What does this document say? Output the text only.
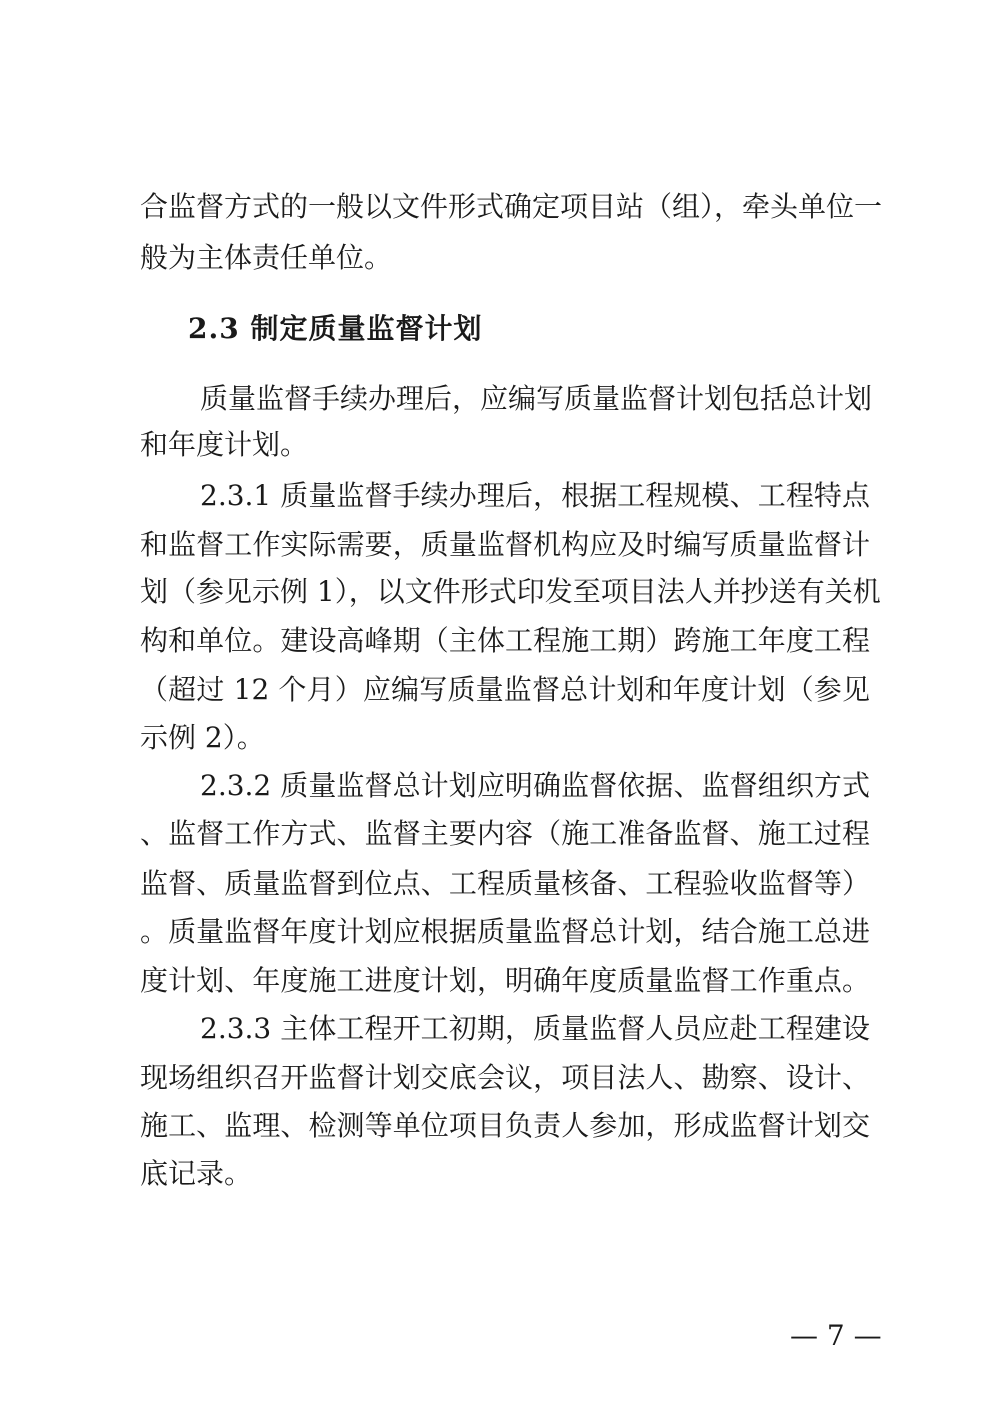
合监督方式的一般以文件形式确定项目站（组），牵头单位一
般为主体责任单位。
2.3 制定质量监督计划
质量监督手续办理后，应编写质量监督计划包括总计划
和年度计划。
2.3.1 质量监督手续办理后，根据工程规模、工程特点
和监督工作实际需要，质量监督机构应及时编写质量监督计
划（参见示例 1），以文件形式印发至项目法人并抄送有关机
构和单位。建设高峰期（主体工程施工期）跨施工年度工程
（超过 12 个月）应编写质量监督总计划和年度计划（参见
示例 2）。
2.3.2 质量监督总计划应明确监督依据、监督组织方式
、监督工作方式、监督主要内容（施工准备监督、施工过程
监督、质量监督到位点、工程质量核备、工程验收监督等）
。质量监督年度计划应根据质量监督总计划，结合施工总进
度计划、年度施工进度计划，明确年度质量监督工作重点。
2.3.3 主体工程开工初期，质量监督人员应赴工程建设
现场组织召开监督计划交底会议，项目法人、勘察、设计、
施工、监理、检测等单位项目负责人参加，形成监督计划交
底记录。
— 7 —
